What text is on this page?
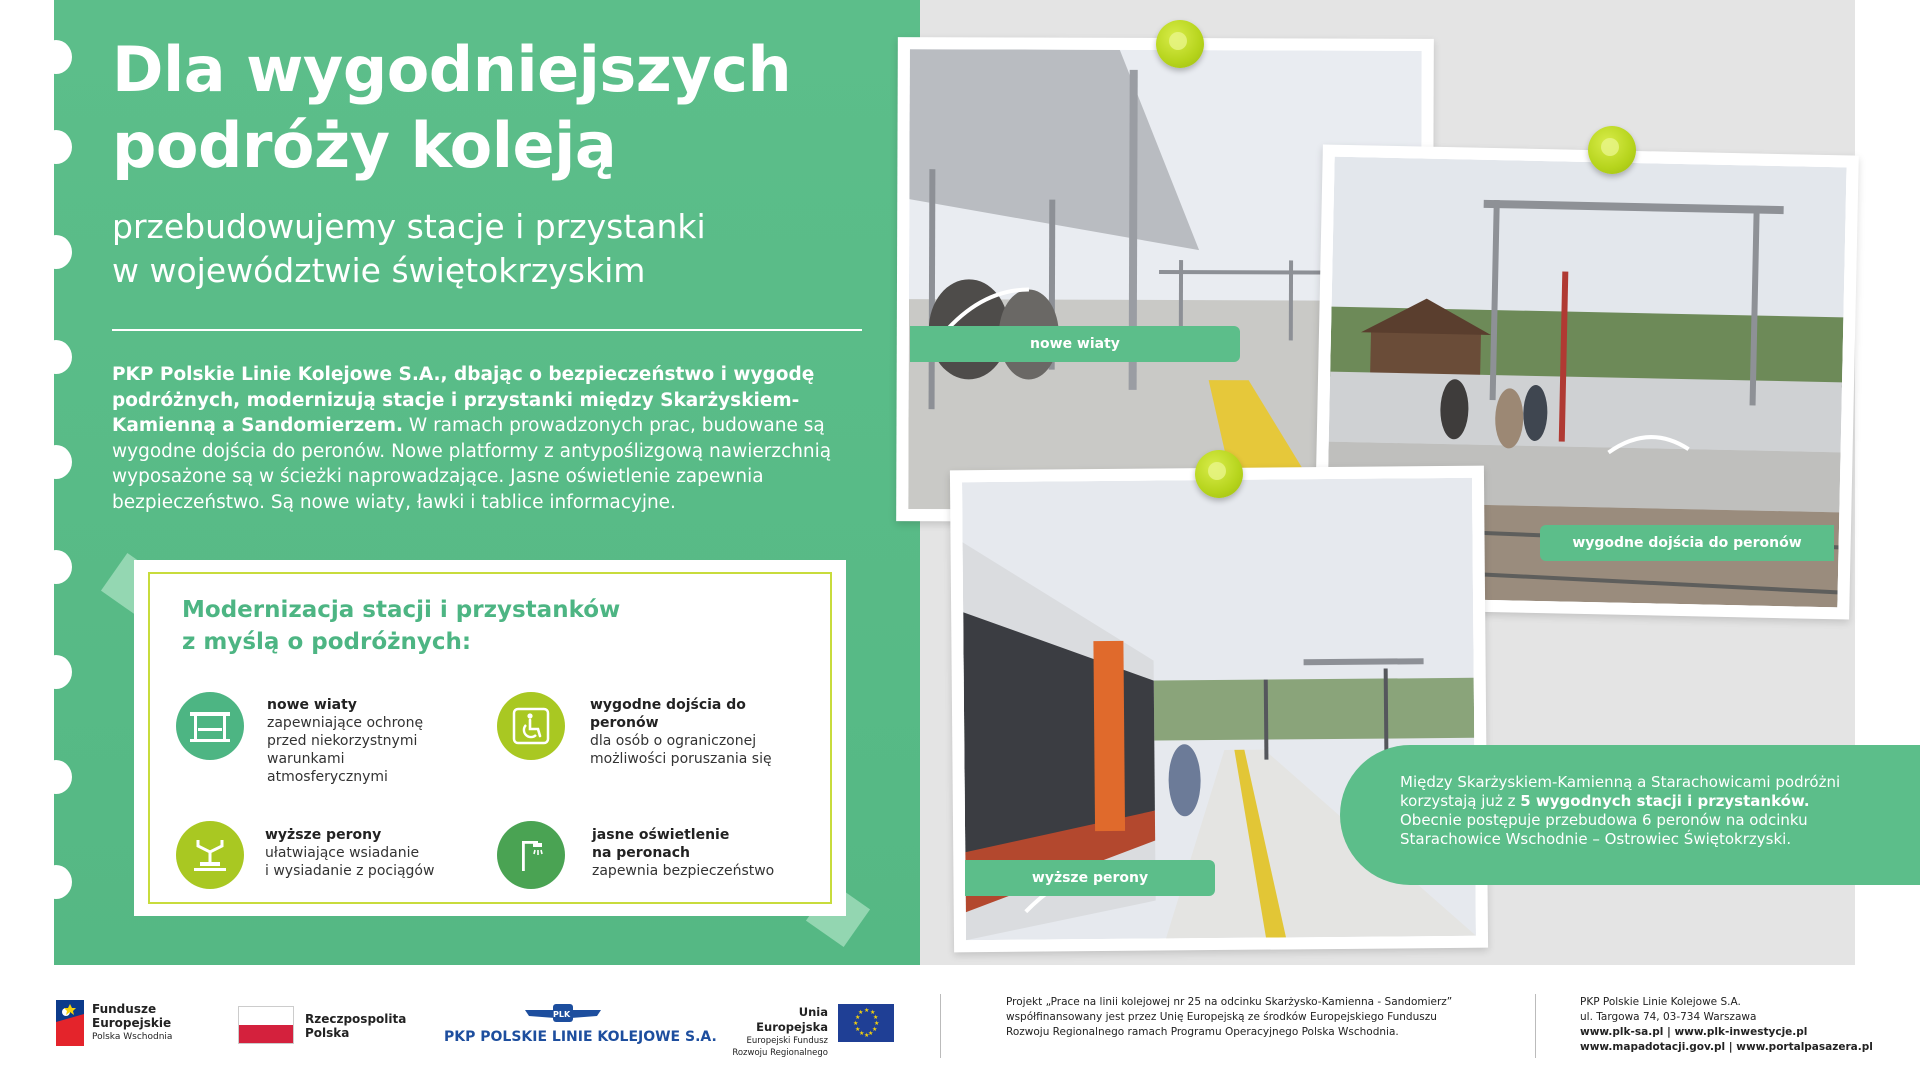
Dla wygodniejszych
podróży koleją
przebudowujemy stacje i przystanki
w województwie świętokrzyskim
PKP Polskie Linie Kolejowe S.A., dbając o bezpieczeństwo i wygodę podróżnych, modernizują stacje i przystanki między Skarżyskiem-Kamienną a Sandomierzem. W ramach prowadzonych prac, budowane są wygodne dojścia do peronów. Nowe platformy z antypoślizgową nawierzchnią wyposażone są w ścieżki naprowadzające. Jasne oświetlenie zapewnia bezpieczeństwo. Są nowe wiaty, ławki i tablice informacyjne.
Modernizacja stacji i przystanków
z myślą o podróżnych:
nowe wiaty
zapewniające ochronę
przed niekorzystnymi
warunkami atmosferycznymi
wygodne dojścia do peronów
dla osób o ograniczonej
możliwości poruszania się
wyższe perony
ułatwiające wsiadanie
i wysiadanie z pociągów
jasne oświetlenie
na peronach
zapewnia bezpieczeństwo
nowe wiaty
wygodne dojścia do peronów
wyższe perony
Między Skarżyskiem-Kamienną a Starachowicami podróżni
korzystają już z 5 wygodnych stacji i przystanków.
Obecnie postępuje przebudowa 6 peronów na odcinku
Starachowice Wschodnie – Ostrowiec Świętokrzyski.
Fundusze
Europejskie
Polska Wschodnia
Rzeczpospolita
Polska
PLK
PKP POLSKIE LINIE KOLEJOWE S.A.
Unia Europejska
Europejski Fundusz
Rozwoju Regionalnego
★ ★
★
★
★
★
★
★
★
★
★
★
Projekt „Prace na linii kolejowej nr 25 na odcinku Skarżysko-Kamienna - Sandomierz”
współfinansowany jest przez Unię Europejską ze środków Europejskiego Funduszu
Rozwoju Regionalnego ramach Programu Operacyjnego Polska Wschodnia.
PKP Polskie Linie Kolejowe S.A.
ul. Targowa 74, 03-734 Warszawa
www.plk-sa.pl | www.plk-inwestycje.pl
www.mapadotacji.gov.pl | www.portalpasazera.pl
